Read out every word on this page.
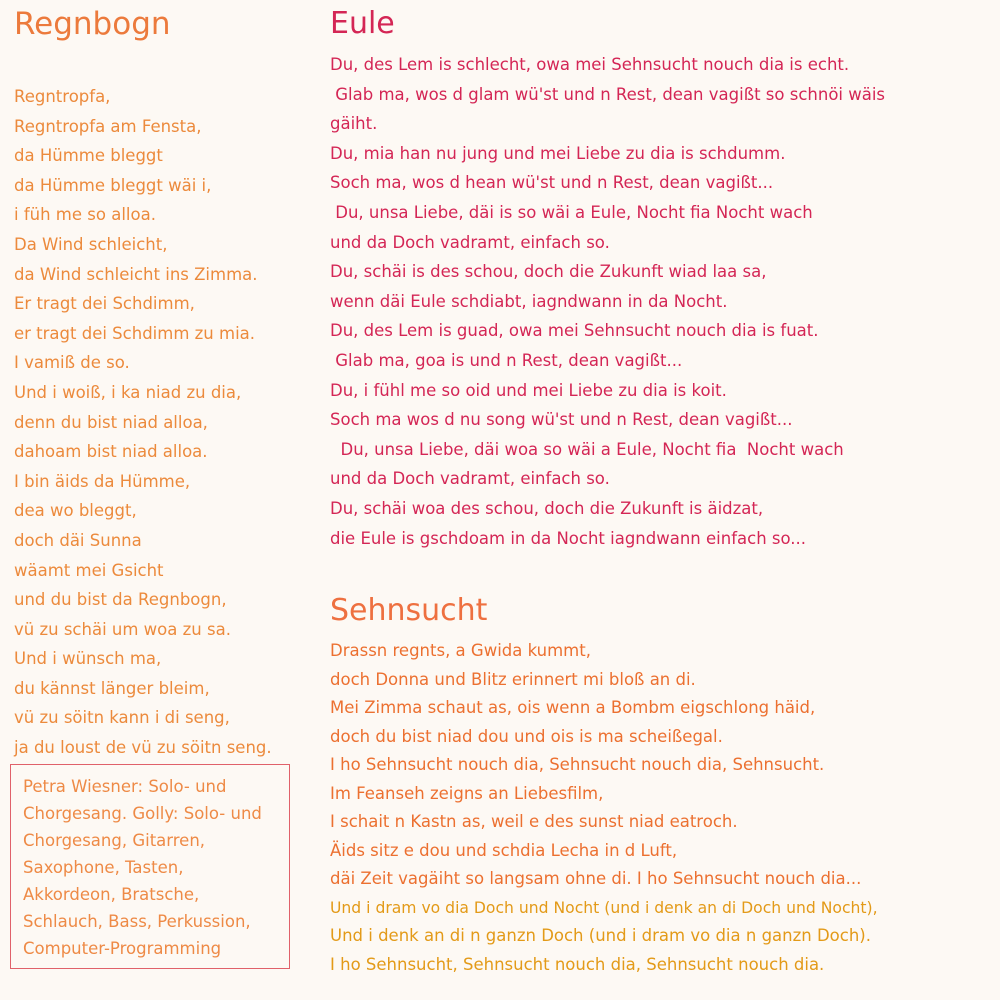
Regnbogn
Regntropfa,
Regntropfa am Fensta,
da Hümme bleggt
da Hümme bleggt wäi i,
i füh me so alloa.
Da Wind schleicht,
da Wind schleicht ins Zimma.
Er tragt dei Schdimm,
er tragt dei Schdimm zu mia.
I vamiß de so.
Und i woiß, i ka niad zu dia,
denn du bist niad alloa,
dahoam bist niad alloa.
I bin äids da Hümme,
dea wo bleggt,
doch däi Sunna
wäamt mei Gsicht
und du bist da Regnbogn,
vü zu schäi um woa zu sa.
Und i wünsch ma,
du kännst länger bleim,
vü zu söitn kann i di seng,
ja du loust de vü zu söitn seng.

Petra Wiesner: Solo- und Chorgesang. Golly: Solo- und Chorgesang, Gitarren, Saxophone, Tasten, Akkordeon, Bratsche, Schlauch, Bass, Perkussion, Computer-Programming

Eule
Du, des Lem is schlecht, owa mei Sehnsucht nouch dia is echt.
Glab ma, wos d glam wü'st und n Rest, dean vagißt so schnöi wäis
gäiht.
Du, mia han nu jung und mei Liebe zu dia is schdumm.
Soch ma, wos d hean wü'st und n Rest, dean vagißt...
Du, unsa Liebe, däi is so wäi a Eule, Nocht fia Nocht wach
und da Doch vadramt, einfach so.
Du, schäi is des schou, doch die Zukunft wiad laa sa,
wenn däi Eule schdiabt, iagndwann in da Nocht.
Du, des Lem is guad, owa mei Sehnsucht nouch dia is fuat.
Glab ma, goa is und n Rest, dean vagißt...
Du, i fühl me so oid und mei Liebe zu dia is koit.
Soch ma wos d nu song wü'st und n Rest, dean vagißt...
Du, unsa Liebe, däi woa so wäi a Eule, Nocht fia  Nocht wach
und da Doch vadramt, einfach so.
Du, schäi woa des schou, doch die Zukunft is äidzat,
die Eule is gschdoam in da Nocht iagndwann einfach so...
Sehnsucht
Drassn regnts, a Gwida kummt,
doch Donna und Blitz erinnert mi bloß an di.
Mei Zimma schaut as, ois wenn a Bombm eigschlong häid,
doch du bist niad dou und ois is ma scheißegal.
I ho Sehnsucht nouch dia, Sehnsucht nouch dia, Sehnsucht.
Im Feanseh zeigns an Liebesfilm,
I schait n Kastn as, weil e des sunst niad eatroch.
Äids sitz e dou und schdia Lecha in d Luft,
däi Zeit vagäiht so langsam ohne di. I ho Sehnsucht nouch dia...
Und i dram vo dia Doch und Nocht (und i denk an di Doch und Nocht),
Und i denk an di n ganzn Doch (und i dram vo dia n ganzn Doch).
I ho Sehnsucht, Sehnsucht nouch dia, Sehnsucht nouch dia.
